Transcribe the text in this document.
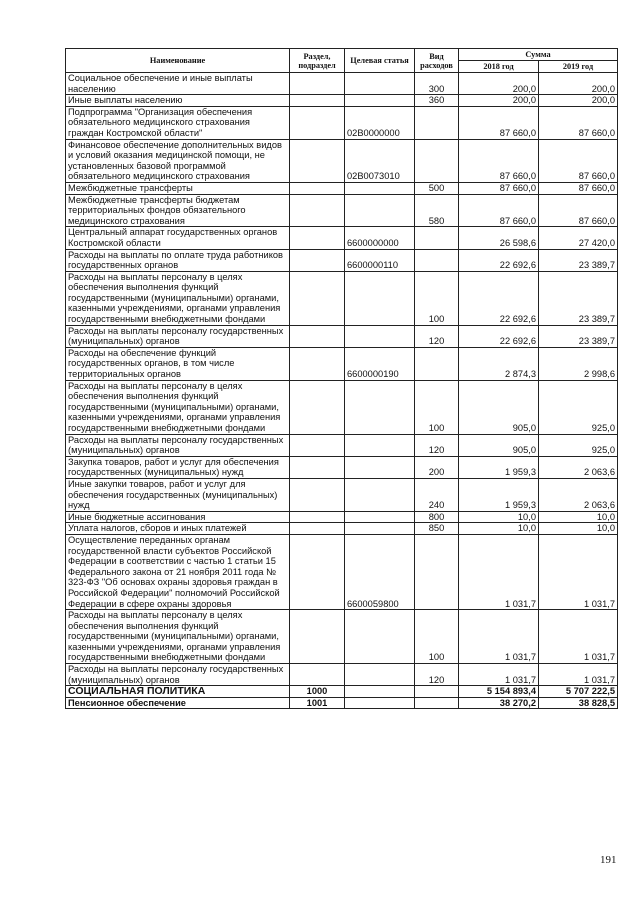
Наименование	Раздел, подраздел	Целевая статья	Вид расходов	Сумма	
				2018 год	2019 год
Социальное обеспечение и иные выплаты населению			300	200,0	200,0
Иные выплаты населению			360	200,0	200,0
Подпрограмма "Организация обеспечения обязательного медицинского страхования граждан Костромской области"		02В0000000		87 660,0	87 660,0
Финансовое обеспечение дополнительных видов и условий оказания медицинской помощи, не установленных базовой программой обязательного медицинского страхования		02В0073010		87 660,0	87 660,0
Межбюджетные трансферты			500	87 660,0	87 660,0
Межбюджетные трансферты бюджетам территориальных фондов обязательного медицинского страхования			580	87 660,0	87 660,0
Центральный аппарат государственных органов Костромской области		6600000000		26 598,6	27 420,0
Расходы на выплаты по оплате труда работников государственных органов		6600000110		22 692,6	23 389,7
Расходы на выплаты персоналу в целях обеспечения выполнения функций государственными (муниципальными) органами, казенными учреждениями, органами управления государственными внебюджетными фондами			100	22 692,6	23 389,7
Расходы на выплаты персоналу государственных (муниципальных) органов			120	22 692,6	23 389,7
Расходы на обеспечение функций государственных органов, в том числе территориальных органов		6600000190		2 874,3	2 998,6
Расходы на выплаты персоналу в целях обеспечения выполнения функций государственными (муниципальными) органами, казенными учреждениями, органами управления государственными внебюджетными фондами			100	905,0	925,0
Расходы на выплаты персоналу государственных (муниципальных) органов			120	905,0	925,0
Закупка товаров, работ и услуг для обеспечения государственных (муниципальных) нужд			200	1 959,3	2 063,6
Иные закупки товаров, работ и услуг для обеспечения государственных (муниципальных) нужд			240	1 959,3	2 063,6
Иные бюджетные ассигнования			800	10,0	10,0
Уплата налогов, сборов и иных платежей			850	10,0	10,0
Осуществление переданных органам государственной власти субъектов Российской Федерации в соответствии с частью 1 статьи 15 Федерального закона от 21 ноября 2011 года № 323-ФЗ "Об основах охраны здоровья граждан в Российской Федерации" полномочий Российской Федерации в сфере охраны здоровья		6600059800		1 031,7	1 031,7
Расходы на выплаты персоналу в целях обеспечения выполнения функций государственными (муниципальными) органами, казенными учреждениями, органами управления государственными внебюджетными фондами			100	1 031,7	1 031,7
Расходы на выплаты персоналу государственных (муниципальных) органов			120	1 031,7	1 031,7
СОЦИАЛЬНАЯ ПОЛИТИКА	1000			5 154 893,4	5 707 222,5
Пенсионное обеспечение	1001			38 270,2	38 828,5
191
